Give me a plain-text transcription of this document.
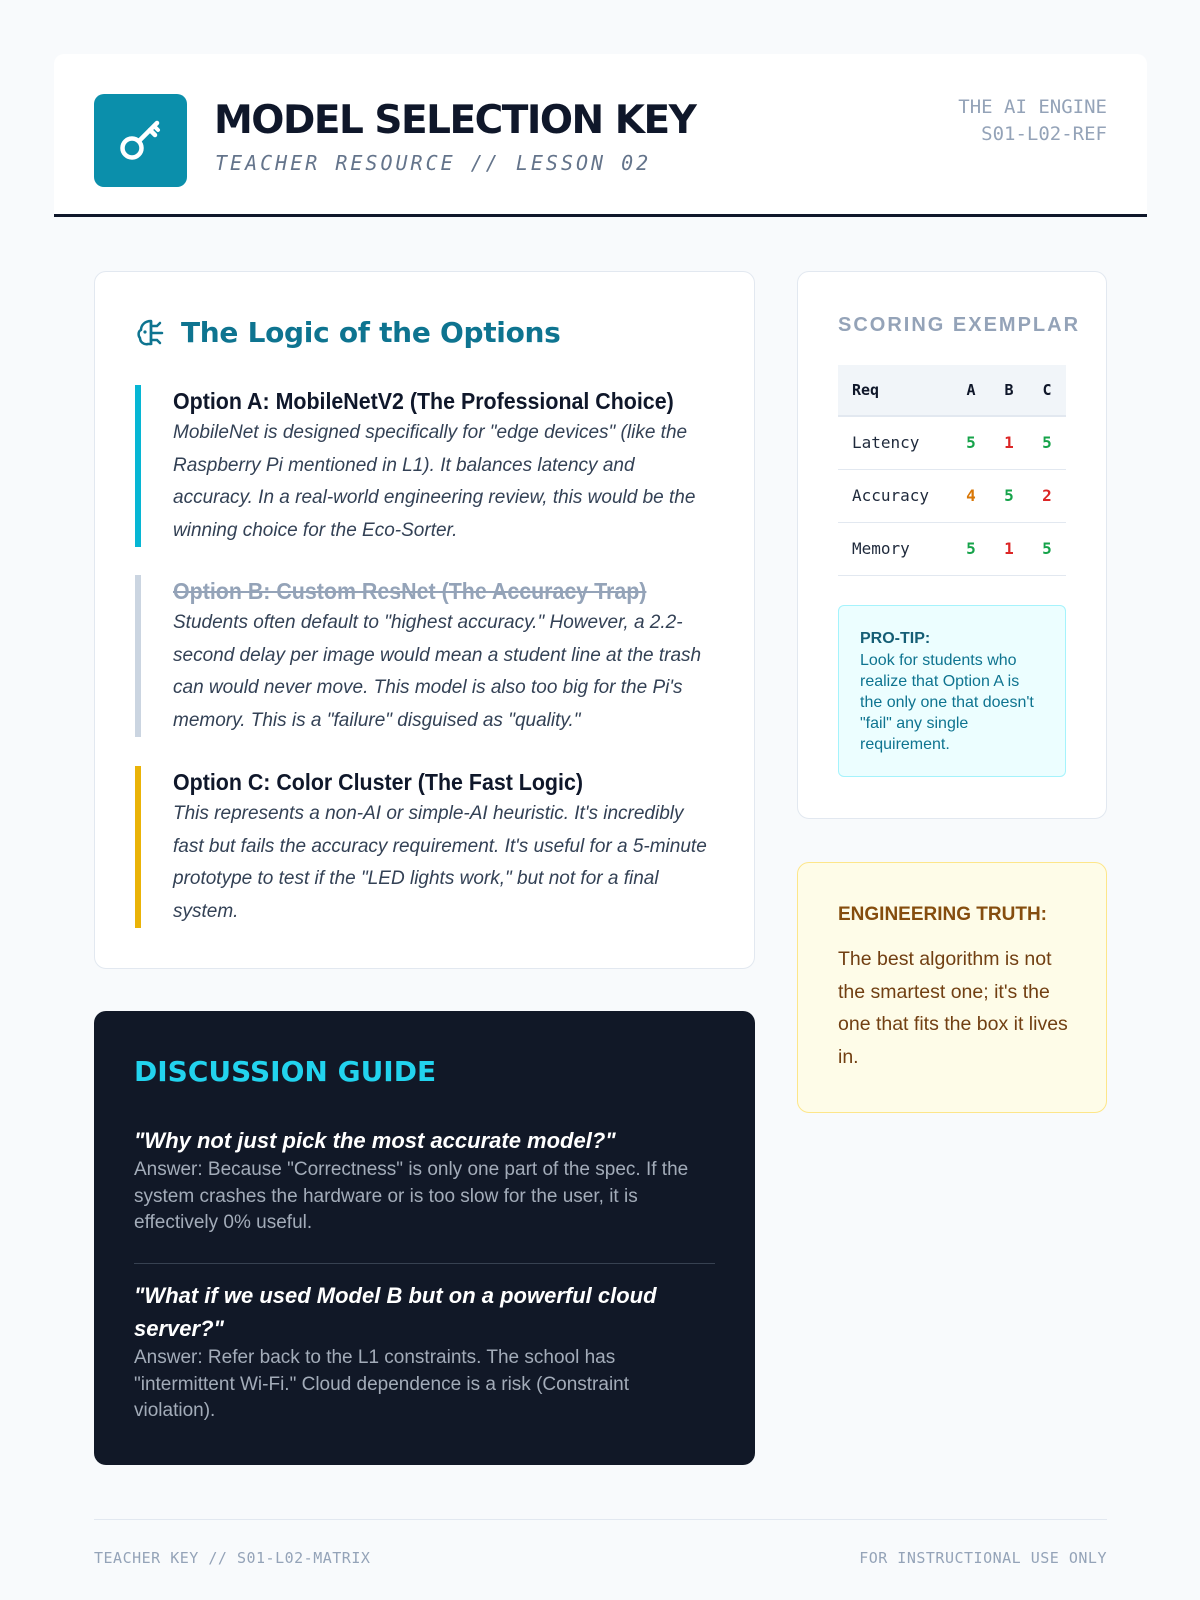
MODEL SELECTION KEY
TEACHER RESOURCE // LESSON 02
THE AI ENGINE
S01-L02-REF
The Logic of the Options
Option A: MobileNetV2 (The Professional Choice)

MobileNet is designed specifically for "edge devices" (like the Raspberry Pi mentioned in L1). It balances latency and accuracy. In a real-world engineering review, this would be the winning choice for the Eco-Sorter.

Option B: Custom ResNet (The Accuracy Trap)

Students often default to "highest accuracy." However, a 2.2-second delay per image would mean a student line at the trash can would never move. This model is also too big for the Pi's memory. This is a "failure" disguised as "quality."

Option C: Color Cluster (The Fast Logic)

This represents a non-AI or simple-AI heuristic. It's incredibly fast but fails the accuracy requirement. It's useful for a 5-minute prototype to test if the "LED lights work," but not for a final system.

DISCUSSION GUIDE
"Why not just pick the most accurate model?"
Answer: Because "Correctness" is only one part of the spec. If the system crashes the hardware or is too slow for the user, it is effectively 0% useful.
"What if we used Model B but on a powerful cloud server?"
Answer: Refer back to the L1 constraints. The school has "intermittent Wi-Fi." Cloud dependence is a risk (Constraint violation).
SCORING EXEMPLAR
Req	A	B	C
Latency	5	1	5
Accuracy	4	5	2
Memory	5	1	5
PRO-TIP:
Look for students who realize that Option A is the only one that doesn't "fail" any single requirement.
ENGINEERING TRUTH:
The best algorithm is not the smartest one; it's the one that fits the box it lives in.
TEACHER KEY // S01-L02-MATRIX	FOR INSTRUCTIONAL USE ONLY
